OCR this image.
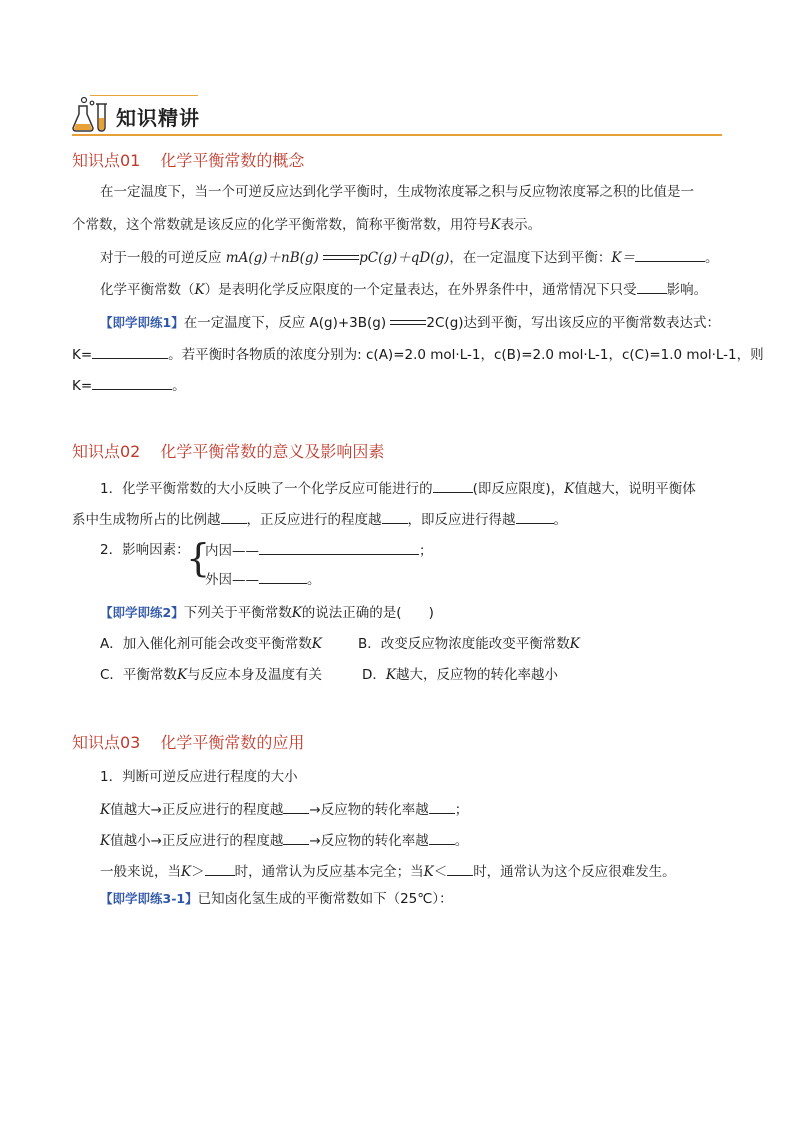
知识精讲
知识点01 化学平衡常数的概念
在一定温度下，当一个可逆反应达到化学平衡时，生成物浓度幂之积与反应物浓度幂之积的比值是一
个常数，这个常数就是该反应的化学平衡常数，简称平衡常数，用符号K表示。
对于一般的可逆反应 mA(g)＋nB(g)	pC(g)＋qD(g)，在一定温度下达到平衡：K＝	。
化学平衡常数（K）是表明化学反应限度的一个定量表达，在外界条件中，通常情况下只受 影响。
【即学即练1】在一定温度下，反应 A(g)+3B(g)	2C(g)达到平衡，写出该反应的平衡常数表达式：
K=	。若平衡时各物质的浓度分别为: c(A)=2.0 mol·L-1，c(B)=2.0 mol·L-1，c(C)=1.0 mol·L-1，则
K=	。
知识点02 化学平衡常数的意义及影响因素
1．化学平衡常数的大小反映了一个化学反应可能进行的	(即反应限度)，K值越大，说明平衡体
系中生成物所占的比例越 ，正反应进行的程度越 ，即反应进行得越	。
2．影响因素：
{
内因——	；
外因——	。
【即学即练2】下列关于平衡常数K的说法正确的是(　　)
A．加入催化剂可能会改变平衡常数K	B．改变反应物浓度能改变平衡常数K
C．平衡常数K与反应本身及温度有关	D．K越大，反应物的转化率越小
知识点03 化学平衡常数的应用
1．判断可逆反应进行程度的大小
K值越大→正反应进行的程度越 →反应物的转化率越 ；
K值越小→正反应进行的程度越 →反应物的转化率越 。
一般来说，当K＞ 时，通常认为反应基本完全；当K＜ 时，通常认为这个反应很难发生。
【即学即练3-1】已知卤化氢生成的平衡常数如下（25℃）：
